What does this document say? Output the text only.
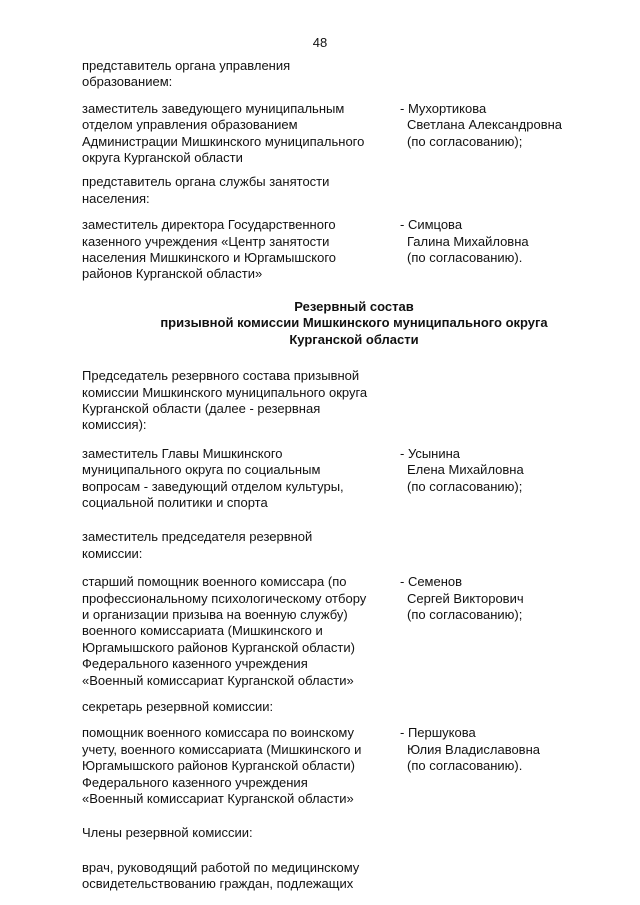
48
представитель органа управления
образованием:
заместитель заведующего муниципальным
отделом управления образованием
Администрации Мишкинского муниципального
округа Курганской области
- Мухортикова
Светлана Александровна
(по согласованию);
представитель органа службы занятости
населения:
заместитель директора Государственного
казенного учреждения «Центр занятости
населения Мишкинского и Юргамышского
районов Курганской области»
- Симцова
Галина Михайловна
(по согласованию).
Резервный состав
призывной комиссии Мишкинского муниципального округа
Курганской области
Председатель резервного состава призывной
комиссии Мишкинского муниципального округа
Курганской области (далее - резервная
комиссия):
заместитель Главы Мишкинского
муниципального округа по социальным
вопросам - заведующий отделом культуры,
социальной политики и спорта
- Усынина
Елена Михайловна
(по согласованию);
заместитель председателя резервной
комиссии:
старший помощник военного комиссара (по
профессиональному психологическому отбору
и организации призыва на военную службу)
военного комиссариата (Мишкинского и
Юргамышского районов Курганской области)
Федерального казенного учреждения
«Военный комиссариат Курганской области»
- Семенов
Сергей Викторович
(по согласованию);
секретарь резервной комиссии:
помощник военного комиссара по воинскому
учету, военного комиссариата (Мишкинского и
Юргамышского районов Курганской области)
Федерального казенного учреждения
«Военный комиссариат Курганской области»
- Першукова
Юлия Владиславовна
(по согласованию).
Члены резервной комиссии:
врач, руководящий работой по медицинскому
освидетельствованию граждан, подлежащих
